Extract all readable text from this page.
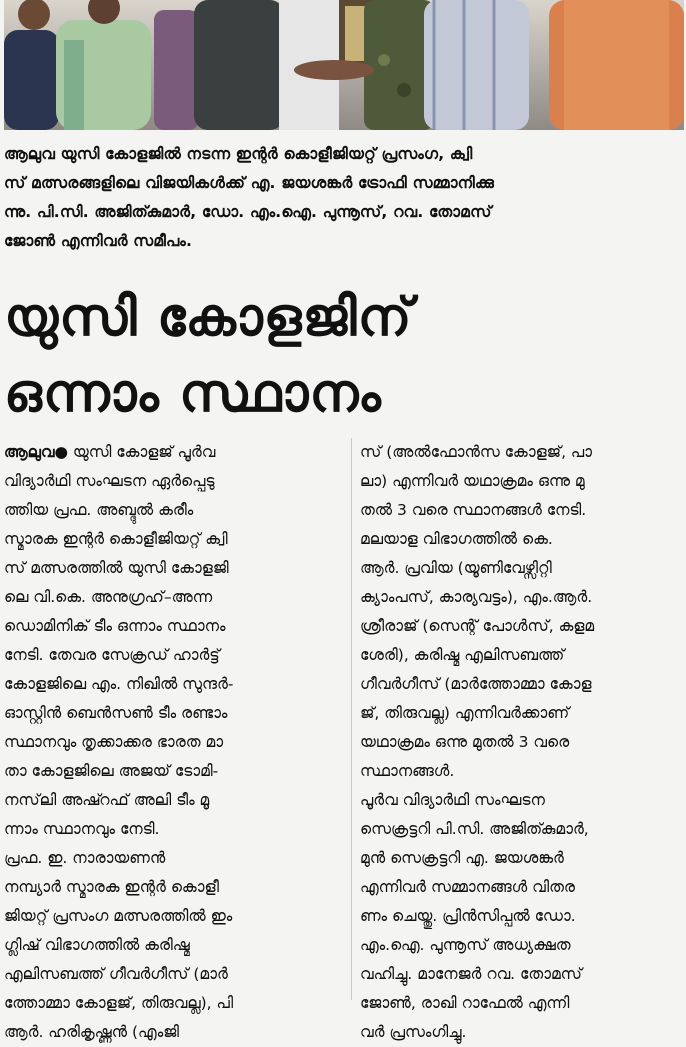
ആലുവ യുസി കോളജിൽ നടന്ന ഇന്റർ കൊളീജിയറ്റ് പ്രസംഗ, ക്വി
സ് മത്സരങ്ങളിലെ വിജയികൾക്ക് എ. ജയശങ്കർ ട്രോഫി സമ്മാനിക്കു
ന്നു. പി.സി. അജിത്കുമാർ, ഡോ. എം.ഐ. പുന്നൂസ്, റവ. തോമസ്
ജോൺ എന്നിവർ സമീപം.
യുസി കോളജിന്
ഒന്നാം സ്ഥാനം
ആലുവ● യുസി കോളജ് പൂർവ
വിദ്യാർഥി സംഘടന ഏർപ്പെടു
ത്തിയ പ്രഫ. അബ്ദുൽ കരീം
സ്മാരക ഇന്റർ കൊളീജിയറ്റ് ക്വി
സ് മത്സരത്തിൽ യുസി കോളജി
ലെ വി.കെ. അനുഗ്രഹ്–അന്ന
ഡൊമിനിക് ടീം ഒന്നാം സ്ഥാനം
നേടി. തേവര സേക്രഡ് ഹാർട്ട്
കോളജിലെ എം. നിഖിൽ സുന്ദർ-
ഓസ്റ്റിൻ ബെൻസൺ ടീം രണ്ടാം
സ്ഥാനവും തൃക്കാക്കര ഭാരത മാ
താ കോളജിലെ അജയ് ടോമി-
നസ്‌ലി അഷ്റഫ് അലി ടീം മൂ
ന്നാം സ്ഥാനവും നേടി.
പ്രഫ. ഇ. നാരായണൻ
നമ്പ്യാർ സ്മാരക ഇന്റർ കൊളീ
ജിയറ്റ് പ്രസംഗ മത്സരത്തിൽ ഇം
ഗ്ലിഷ് വിഭാഗത്തിൽ കരിഷ്മ
എലിസബത്ത് ഗീവർഗീസ് (മാർ
ത്തോമ്മാ കോളജ്, തിരുവല്ല), പി
ആർ. ഹരികൃഷ്ണൻ (എംജി
സ് (അൽഫോൻസ കോളജ്, പാ
ലാ) എന്നിവർ യഥാക്രമം ഒന്നു മു
തൽ 3 വരെ സ്ഥാനങ്ങൾ നേടി.
മലയാള വിഭാഗത്തിൽ കെ.
ആർ. പ്രവിയ (യൂണിവേഴ്സിറ്റി
ക്യാംപസ്, കാര്യവട്ടം), എം.ആർ.
ശ്രീരാജ് (സെന്റ് പോൾസ്, കളമ
ശേരി), കരിഷ്മ എലിസബത്ത്
ഗീവർഗീസ് (മാർത്തോമ്മാ കോള
ജ്, തിരുവല്ല) എന്നിവർക്കാണ്
യഥാക്രമം ഒന്നു മുതൽ 3 വരെ
സ്ഥാനങ്ങൾ.
പൂർവ വിദ്യാർഥി സംഘടന
സെക്രട്ടറി പി.സി. അജിത്കുമാർ,
മുൻ സെക്രട്ടറി എ. ജയശങ്കർ
എന്നിവർ സമ്മാനങ്ങൾ വിതര
ണം ചെയ്തു. പ്രിൻസിപ്പൽ ഡോ.
എം.ഐ. പുന്നൂസ് അധ്യക്ഷത
വഹിച്ചു. മാനേജർ റവ. തോമസ്
ജോൺ, രാഖി റാഫേൽ എന്നി
വർ പ്രസംഗിച്ചു.
